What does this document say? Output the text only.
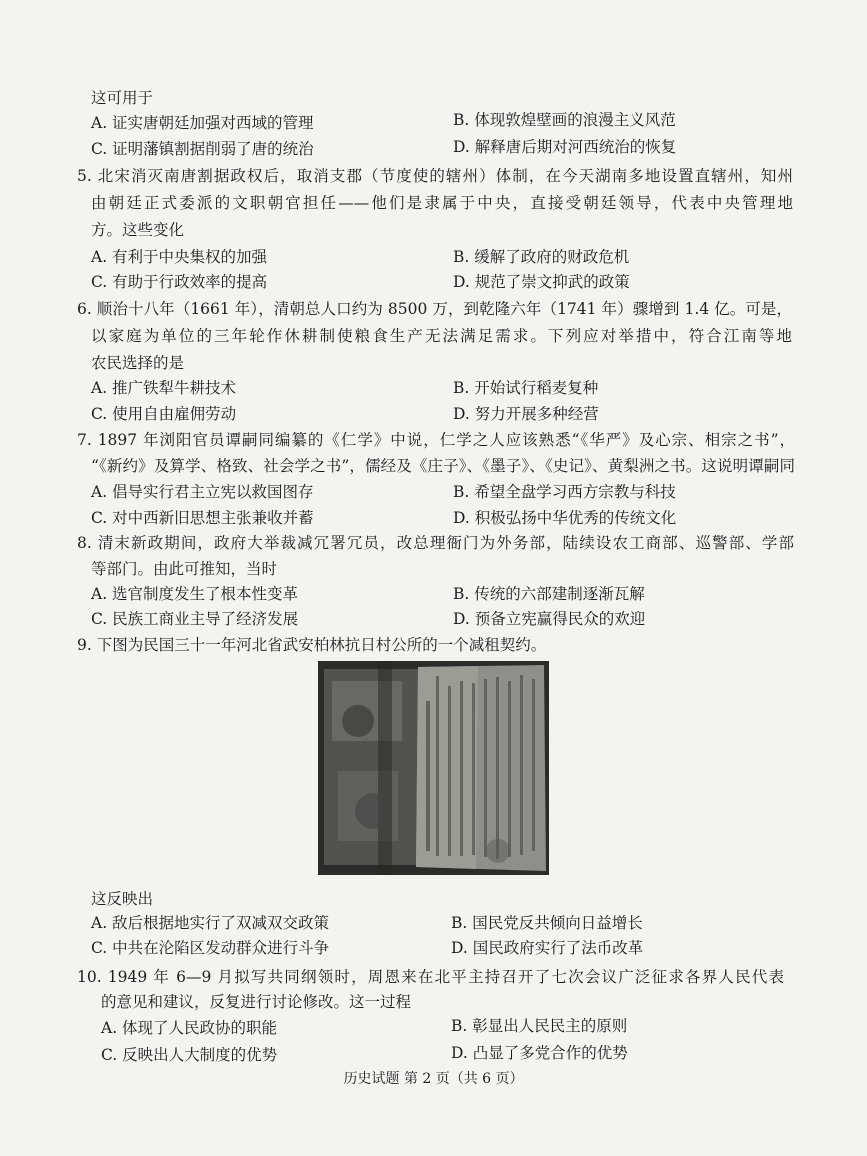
这可用于
A. 证实唐朝廷加强对西域的管理	B. 体现敦煌壁画的浪漫主义风范
C. 证明藩镇割据削弱了唐的统治	D. 解释唐后期对河西统治的恢复
5. 北宋消灭南唐割据政权后，取消支郡（节度使的辖州）体制，在今天湖南多地设置直辖州，知州
由朝廷正式委派的文职朝官担任——他们是隶属于中央，直接受朝廷领导，代表中央管理地
方。这些变化
A. 有利于中央集权的加强	B. 缓解了政府的财政危机
C. 有助于行政效率的提高	D. 规范了崇文抑武的政策
6. 顺治十八年（1661 年），清朝总人口约为 8500 万，到乾隆六年（1741 年）骤增到 1.4 亿。可是，
以家庭为单位的三年轮作休耕制使粮食生产无法满足需求。下列应对举措中，符合江南等地
农民选择的是
A. 推广铁犁牛耕技术	B. 开始试行稻麦复种
C. 使用自由雇佣劳动	D. 努力开展多种经营
7. 1897 年浏阳官员谭嗣同编纂的《仁学》中说，仁学之人应该熟悉“《华严》及心宗、相宗之书”，
“《新约》及算学、格致、社会学之书”，儒经及《庄子》、《墨子》、《史记》、黄梨洲之书。这说明谭嗣同
A. 倡导实行君主立宪以救国图存	B. 希望全盘学习西方宗教与科技
C. 对中西新旧思想主张兼收并蓄	D. 积极弘扬中华优秀的传统文化
8. 清末新政期间，政府大举裁减冗署冗员，改总理衙门为外务部，陆续设农工商部、巡警部、学部
等部门。由此可推知，当时
A. 选官制度发生了根本性变革	B. 传统的六部建制逐渐瓦解
C. 民族工商业主导了经济发展	D. 预备立宪赢得民众的欢迎
9. 下图为民国三十一年河北省武安柏林抗日村公所的一个减租契约。
这反映出
A. 敌后根据地实行了双减双交政策	B. 国民党反共倾向日益增长
C. 中共在沦陷区发动群众进行斗争	D. 国民政府实行了法币改革
10. 1949 年 6—9 月拟写共同纲领时，周恩来在北平主持召开了七次会议广泛征求各界人民代表
的意见和建议，反复进行讨论修改。这一过程
A. 体现了人民政协的职能	B. 彰显出人民民主的原则
C. 反映出人大制度的优势	D. 凸显了多党合作的优势
历史试题 第 2 页（共 6 页）
